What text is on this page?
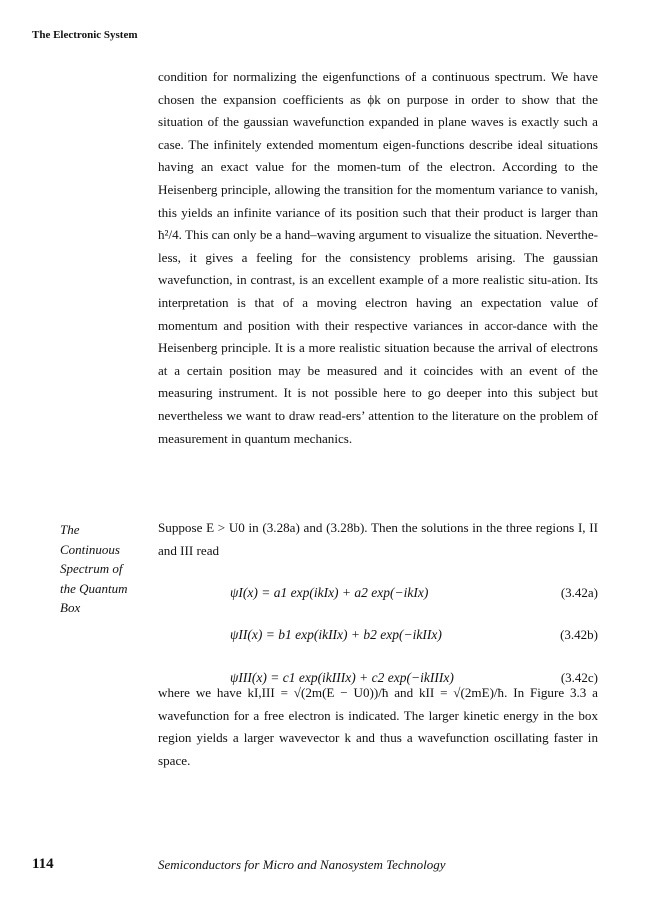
The Electronic System
condition for normalizing the eigenfunctions of a continuous spectrum. We have chosen the expansion coefficients as ϕk on purpose in order to show that the situation of the gaussian wavefunction expanded in plane waves is exactly such a case. The infinitely extended momentum eigen-functions describe ideal situations having an exact value for the momen-tum of the electron. According to the Heisenberg principle, allowing the transition for the momentum variance to vanish, this yields an infinite variance of its position such that their product is larger than ħ²/4. This can only be a hand–waving argument to visualize the situation. Neverthe-less, it gives a feeling for the consistency problems arising. The gaussian wavefunction, in contrast, is an excellent example of a more realistic situ-ation. Its interpretation is that of a moving electron having an expectation value of momentum and position with their respective variances in accor-dance with the Heisenberg principle. It is a more realistic situation because the arrival of electrons at a certain position may be measured and it coincides with an event of the measuring instrument. It is not possible here to go deeper into this subject but nevertheless we want to draw read-ers’ attention to the literature on the problem of measurement in quantum mechanics.
The
Continuous
Spectrum of
the Quantum
Box
Suppose E > U0 in (3.28a) and (3.28b). Then the solutions in the three regions I, II and III read
ψI(x) = a1 exp(ikIx) + a2 exp(−ikIx)	(3.42a)
ψII(x) = b1 exp(ikIIx) + b2 exp(−ikIIx)	(3.42b)
ψIII(x) = c1 exp(ikIIIx) + c2 exp(−ikIIIx)	(3.42c)
where we have kI,III = √(2m(E − U0))/ħ and kII = √(2mE)/ħ. In Figure 3.3 a wavefunction for a free electron is indicated. The larger kinetic energy in the box region yields a larger wavevector k and thus a wavefunction oscillating faster in space.
114	Semiconductors for Micro and Nanosystem Technology
